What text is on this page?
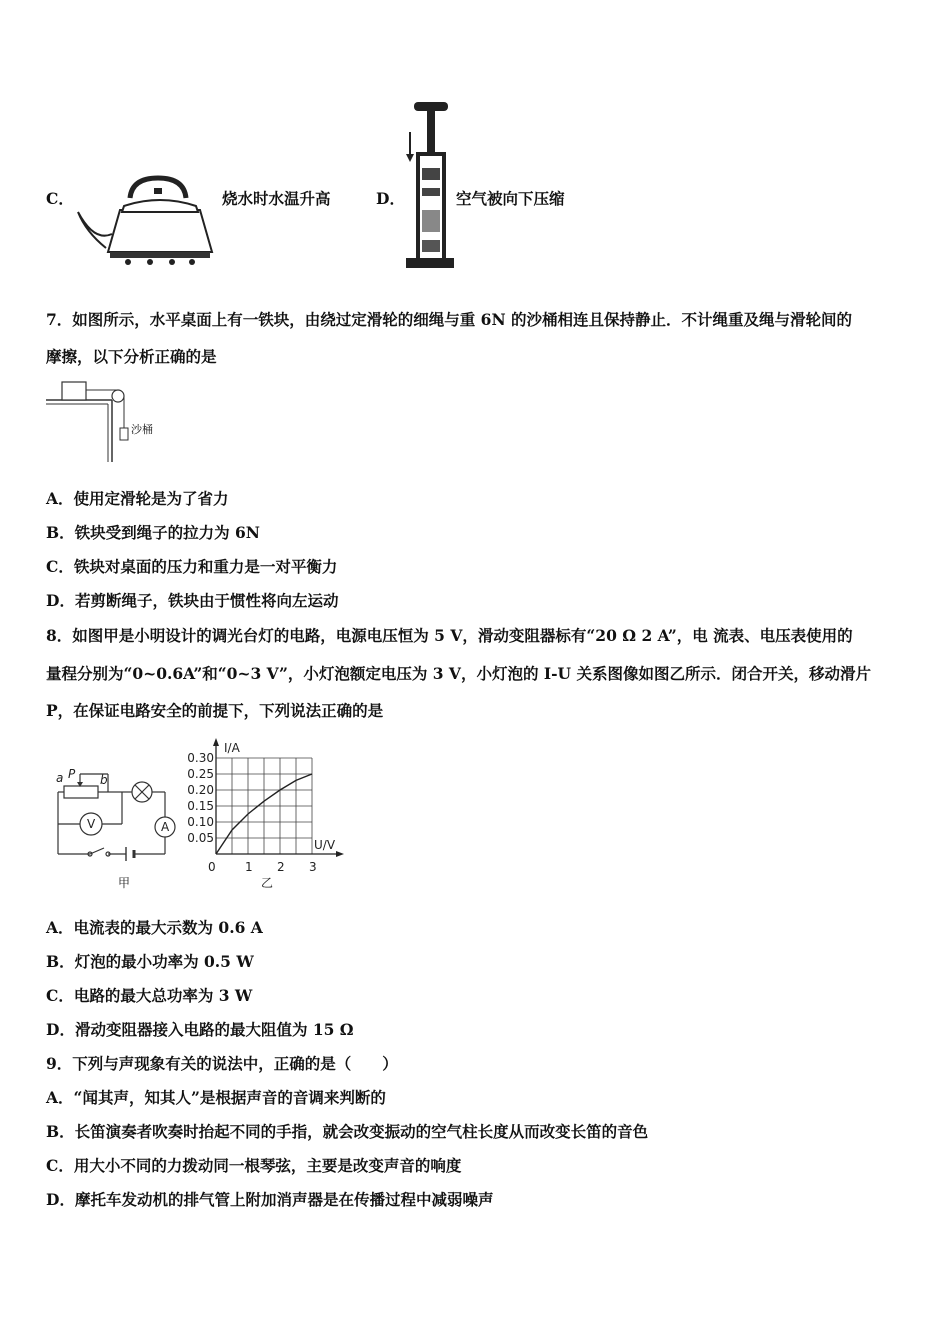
C．	烧水时水温升高	D．	空气被向下压缩
7．如图所示，水平桌面上有一铁块，由绕过定滑轮的细绳与重 6N 的沙桶相连且保持静止．不计绳重及绳与滑轮间的
摩擦，以下分析正确的是
沙桶
A．使用定滑轮是为了省力
B．铁块受到绳子的拉力为 6N
C．铁块对桌面的压力和重力是一对平衡力
D．若剪断绳子，铁块由于惯性将向左运动
8．如图甲是小明设计的调光台灯的电路，电源电压恒为 5 V，滑动变阻器标有“20 Ω 2 A”，电 流表、电压表使用的
量程分别为“0~0.6A”和“0~3 V”，小灯泡额定电压为 3 V，小灯泡的 I-U 关系图像如图乙所示．闭合开关，移动滑片
P，在保证电路安全的前提下，下列说法正确的是
a P b
V	A
甲
0 1 2 3
0.05
0.10
0.15
0.20
0.25
0.30
I/A
U/V
乙
A．电流表的最大示数为 0.6 A
B．灯泡的最小功率为 0.5 W
C．电路的最大总功率为 3 W
D．滑动变阻器接入电路的最大阻值为 15 Ω
9．下列与声现象有关的说法中，正确的是（　　）
A．“闻其声，知其人”是根据声音的音调来判断的
B．长笛演奏者吹奏时抬起不同的手指，就会改变振动的空气柱长度从而改变长笛的音色
C．用大小不同的力拨动同一根琴弦，主要是改变声音的响度
D．摩托车发动机的排气管上附加消声器是在传播过程中减弱噪声
